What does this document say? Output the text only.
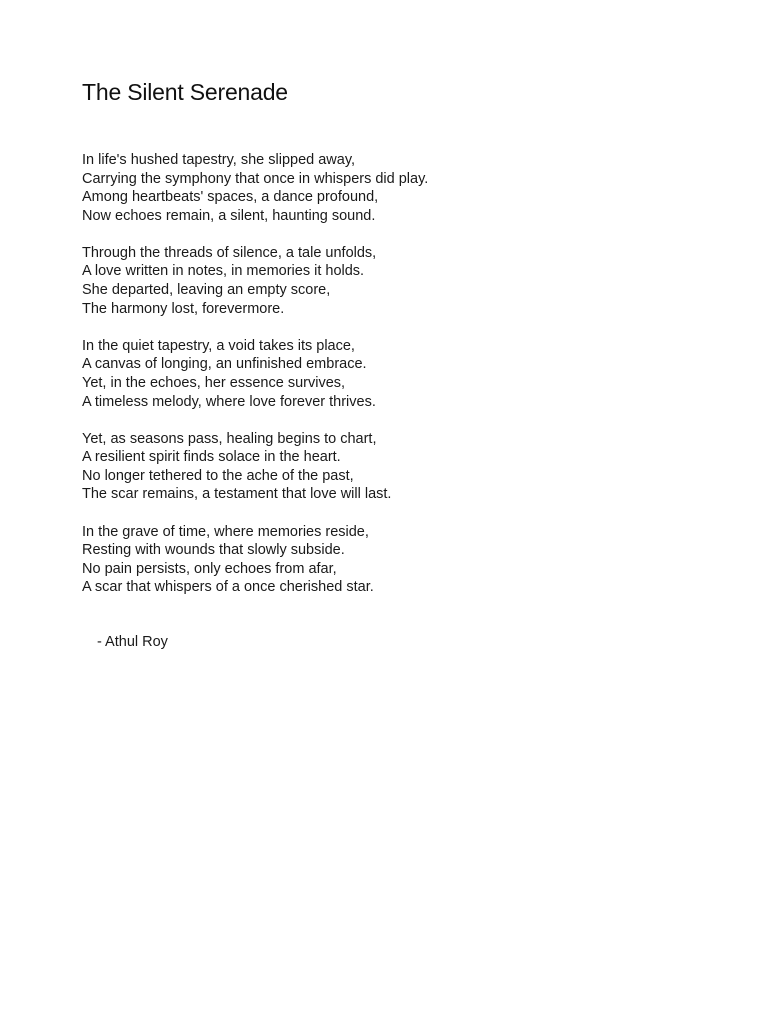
The Silent Serenade
In life's hushed tapestry, she slipped away,
Carrying the symphony that once in whispers did play.
Among heartbeats' spaces, a dance profound,
Now echoes remain, a silent, haunting sound.
Through the threads of silence, a tale unfolds,
A love written in notes, in memories it holds.
She departed, leaving an empty score,
The harmony lost, forevermore.
In the quiet tapestry, a void takes its place,
A canvas of longing, an unfinished embrace.
Yet, in the echoes, her essence survives,
A timeless melody, where love forever thrives.
Yet, as seasons pass, healing begins to chart,
A resilient spirit finds solace in the heart.
No longer tethered to the ache of the past,
The scar remains, a testament that love will last.
In the grave of time, where memories reside,
Resting with wounds that slowly subside.
No pain persists, only echoes from afar,
A scar that whispers of a once cherished star.
- Athul Roy
